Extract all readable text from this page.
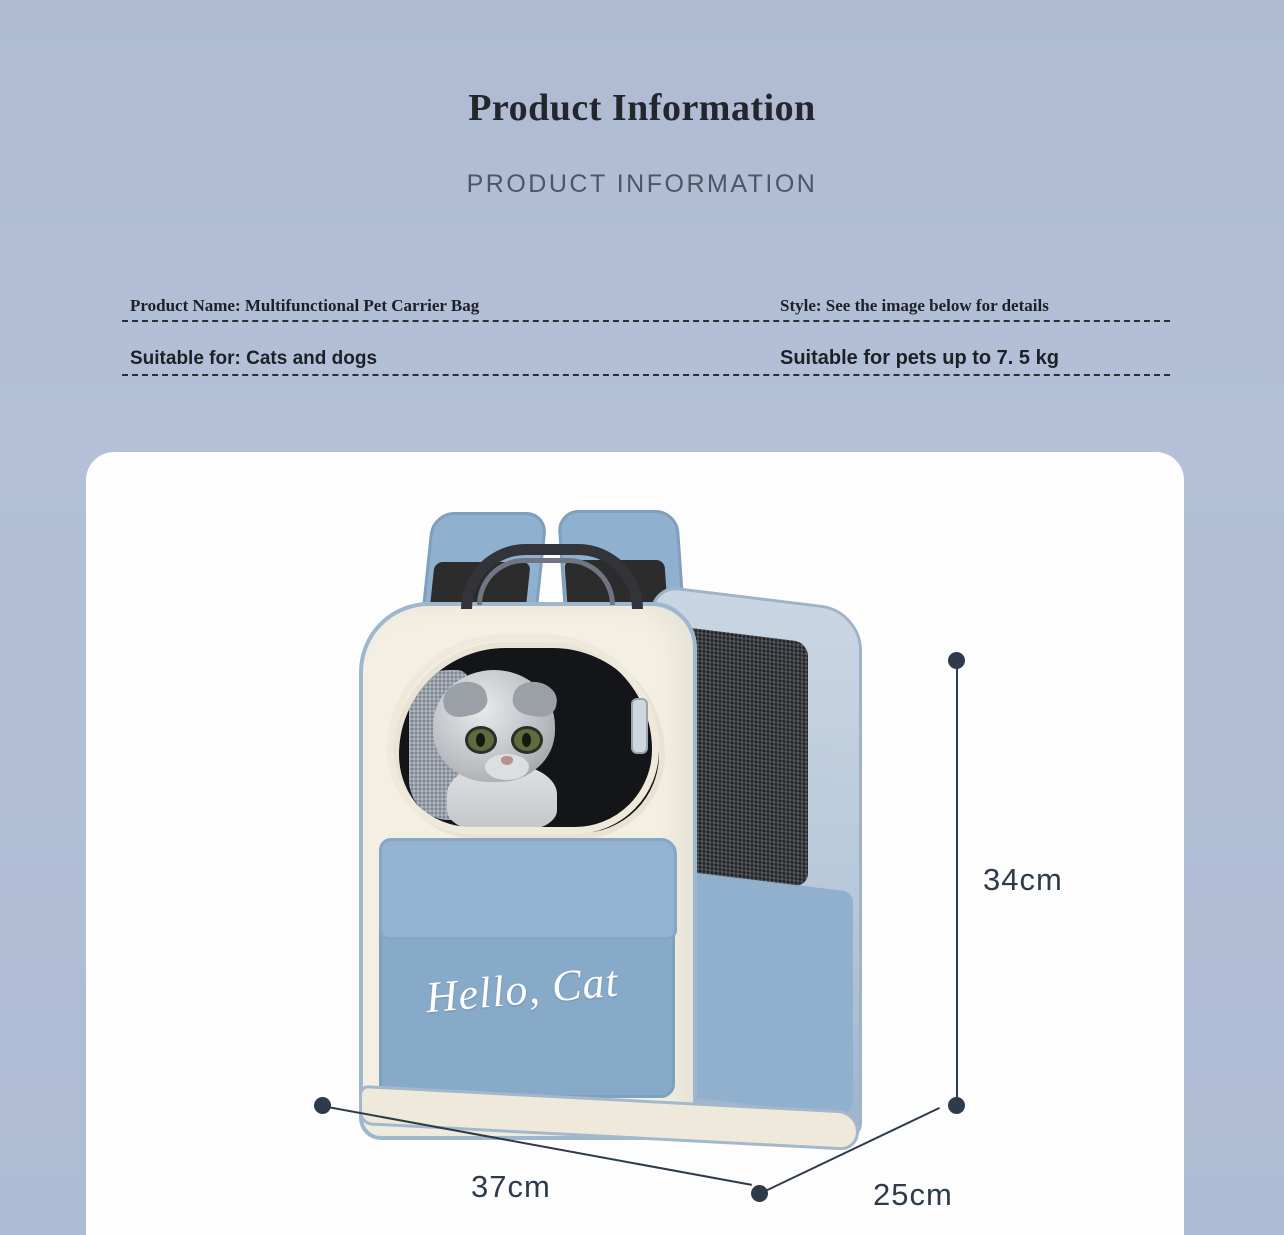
Product Information
PRODUCT INFORMATION
Product Name: Multifunctional Pet Carrier Bag	Style: See the image below for details
Suitable for: Cats and dogs	Suitable for pets up to 7. 5 kg
Hello, Cat
34cm
37cm	25cm
